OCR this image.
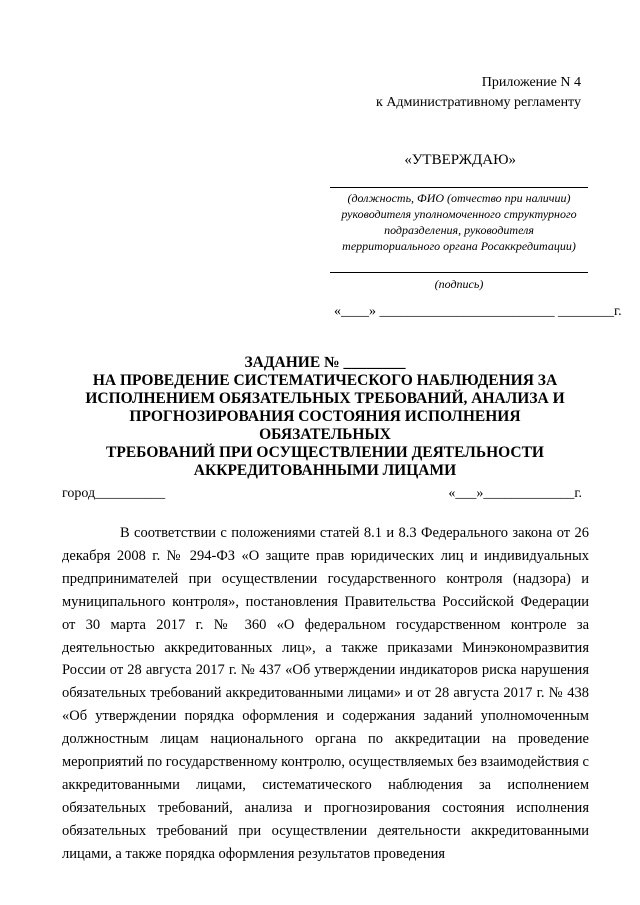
Приложение N 4
к Административному регламенту
«УТВЕРЖДАЮ»
(должность, ФИО (отчество при наличии)
руководителя уполномоченного структурного
подразделения, руководителя
территориального органа Росаккредитации)
(подпись)
«____» _________________________ ________г.
ЗАДАНИЕ № ________
НА ПРОВЕДЕНИЕ СИСТЕМАТИЧЕСКОГО НАБЛЮДЕНИЯ ЗА
ИСПОЛНЕНИЕМ ОБЯЗАТЕЛЬНЫХ ТРЕБОВАНИЙ, АНАЛИЗА И
ПРОГНОЗИРОВАНИЯ СОСТОЯНИЯ ИСПОЛНЕНИЯ ОБЯЗАТЕЛЬНЫХ
ТРЕБОВАНИЙ ПРИ ОСУЩЕСТВЛЕНИИ ДЕЯТЕЛЬНОСТИ
АККРЕДИТОВАННЫМИ ЛИЦАМИ
город__________	«___»_____________г.

В соответствии с положениями статей 8.1 и 8.3 Федерального закона от 26 декабря 2008 г. № 294-ФЗ «О защите прав юридических лиц и индивидуальных предпринимателей при осуществлении государственного контроля (надзора) и муниципального контроля», постановления Правительства Российской Федерации от 30 марта 2017 г. № 360 «О федеральном государственном контроле за деятельностью аккредитованных лиц», а также приказами Минэкономразвития России от 28 августа 2017 г. № 437 «Об утверждении индикаторов риска нарушения обязательных требований аккредитованными лицами» и от 28 августа 2017 г. № 438 «Об утверждении порядка оформления и содержания заданий уполномоченным должностным лицам национального органа по аккредитации на проведение мероприятий по государственному контролю, осуществляемых без взаимодействия с аккредитованными лицами, систематического наблюдения за исполнением обязательных требований, анализа и прогнозирования состояния исполнения обязательных требований при осуществлении деятельности аккредитованными лицами, а также порядка оформления результатов проведения
